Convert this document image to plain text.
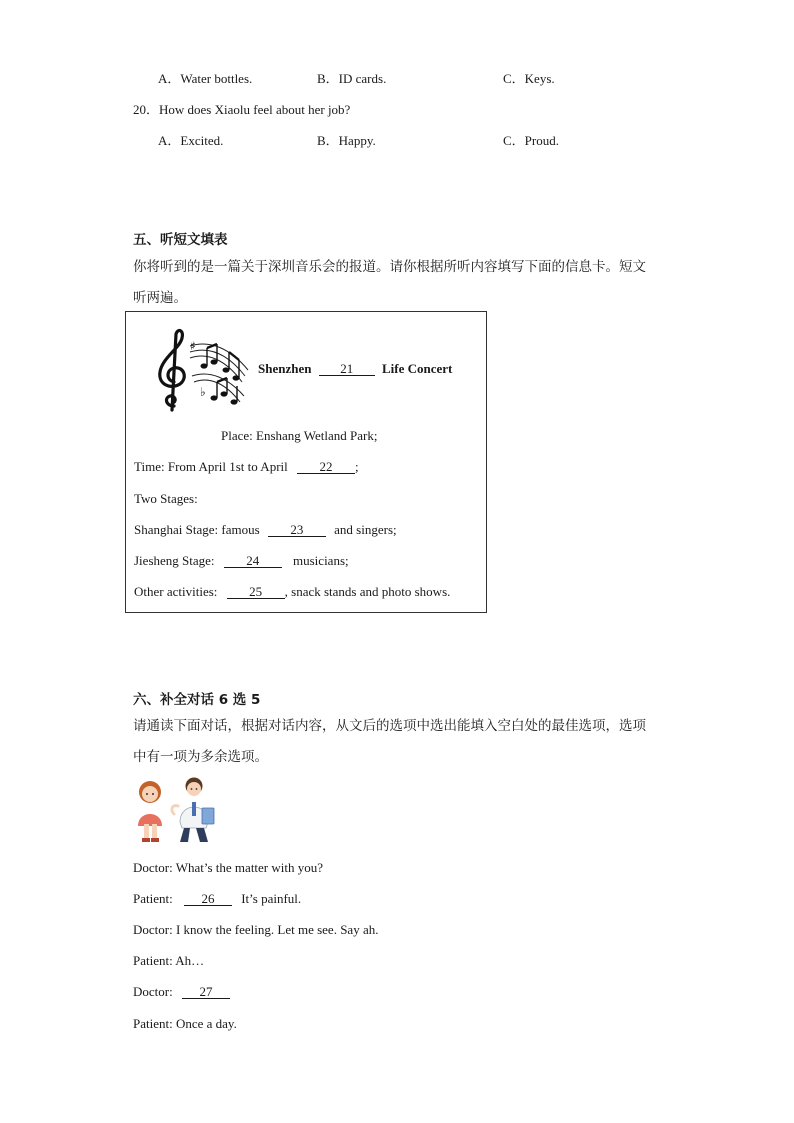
A．Water bottles.	B．ID cards.	C．Keys.
20．How does Xiaolu feel about her job?
A．Excited.	B．Happy.	C．Proud.
五、听短文填表
你将听到的是一篇关于深圳音乐会的报道。请你根据所听内容填写下面的信息卡。短文
听两遍。
♯
♭
Shenzhen 21 Life Concert
Place: Enshang Wetland Park;
Time: From April 1st to April 22 ;
Two Stages:
Shanghai Stage: famous 23 and singers;
Jiesheng Stage: 24	musicians;
Other activities: 25 , snack stands and photo shows.
六、补全对话 6 选 5
请通读下面对话，根据对话内容，从文后的选项中选出能填入空白处的最佳选项，选项
中有一项为多余选项。
Doctor: What’s the matter with you?
Patient: 26 It’s painful.
Doctor: I know the feeling. Let me see. Say ah.
Patient: Ah…
Doctor: 27
Patient: Once a day.
